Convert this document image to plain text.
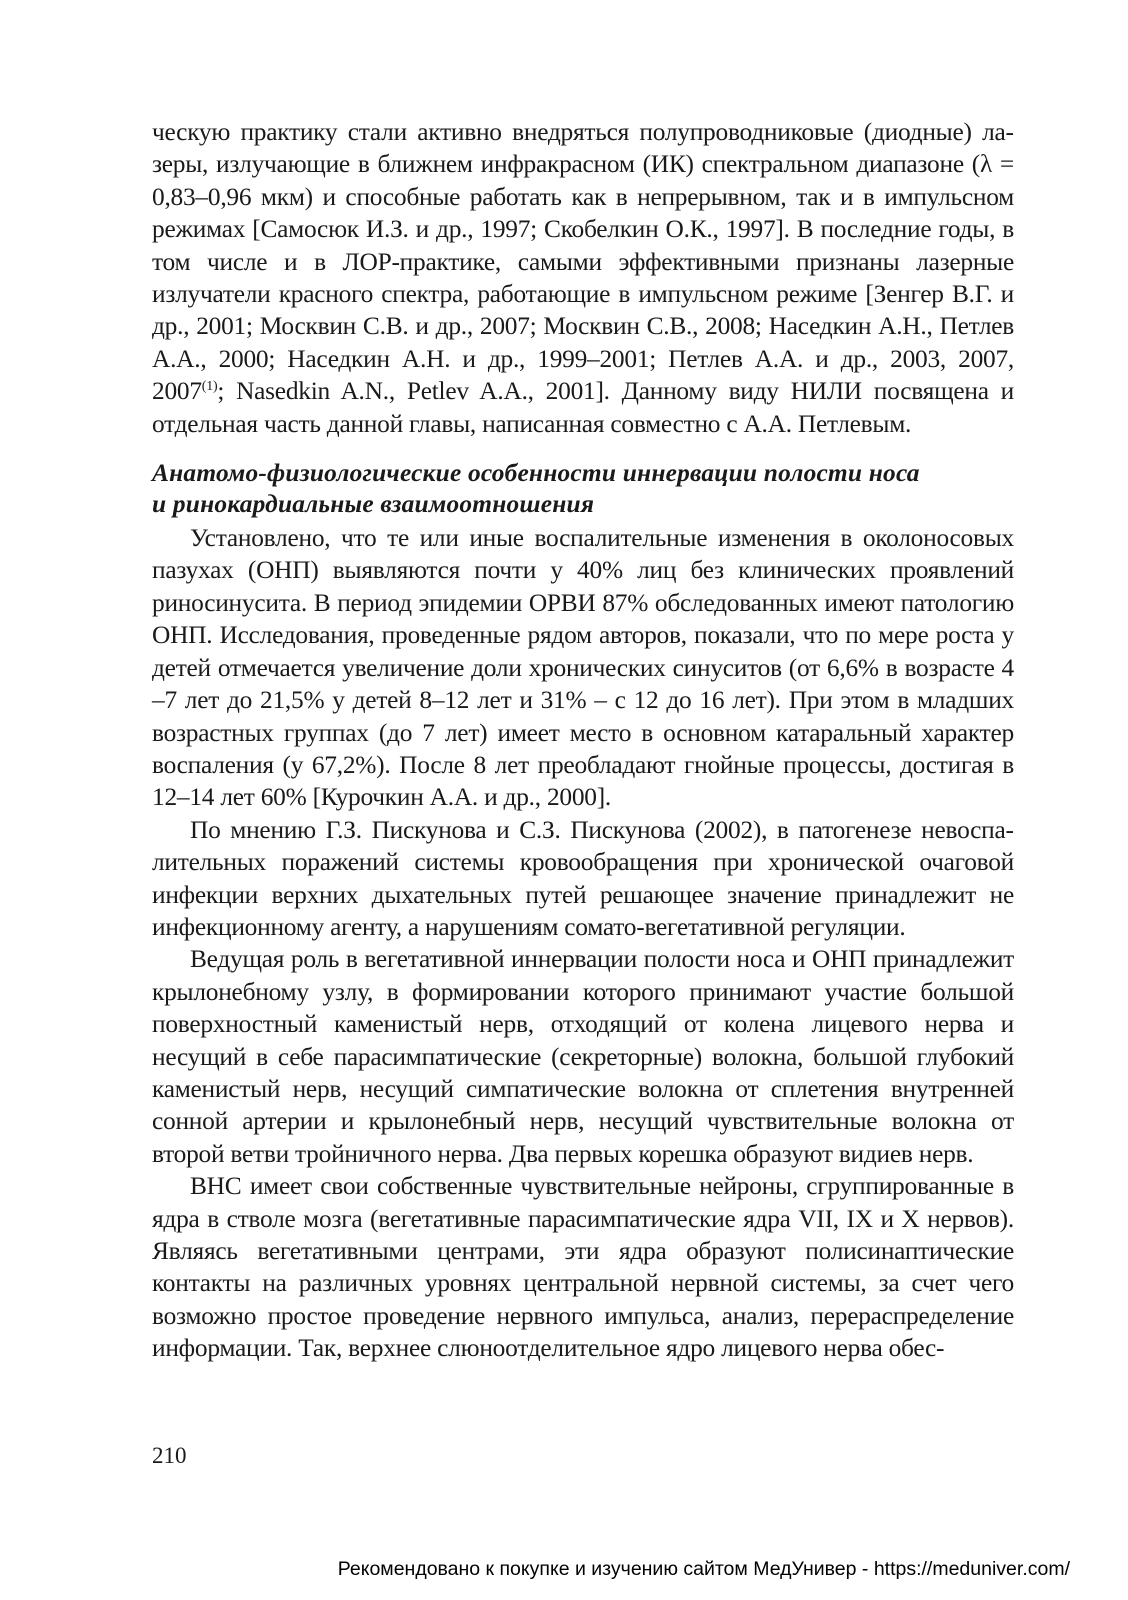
ческую практику стали активно внедряться полупроводниковые (диодные) лазеры, излучающие в ближнем инфракрасном (ИК) спектральном диапазоне (λ = 0,83–0,96 мкм) и способные работать как в непрерывном, так и в импульсном режимах [Самосюк И.З. и др., 1997; Скобелкин О.К., 1997]. В последние годы, в том числе и в ЛОР-практике, самыми эффективными признаны лазерные излучатели красного спектра, работающие в импульсном режиме [Зенгер В.Г. и др., 2001; Москвин С.В. и др., 2007; Москвин С.В., 2008; Наседкин А.Н., Петлев А.А., 2000; Наседкин А.Н. и др., 1999–2001; Петлев А.А. и др., 2003, 2007, 2007$^{(1)}$; Nasedkin A.N., Petlev A.A., 2001]. Данному виду НИЛИ посвящена и отдельная часть данной главы, написанная совместно с А.А. Петлевым.

Анатомо-физиологические особенности иннервации полости носа
и ринокардиальные взаимоотношения

Установлено, что те или иные воспалительные изменения в околоносовых пазухах (ОНП) выявляются почти у 40% лиц без клинических проявлений риносинусита. В период эпидемии ОРВИ 87% обследованных имеют патологию ОНП. Исследования, проведенные рядом авторов, показали, что по мере роста у детей отмечается увеличение доли хронических синуситов (от 6,6% в возрасте 4 –7 лет до 21,5% у детей 8–12 лет и 31% – с 12 до 16 лет). При этом в младших возрастных группах (до 7 лет) имеет место в основном катаральный характер воспаления (у 67,2%). После 8 лет преобладают гнойные процессы, достигая в 12–14 лет 60% [Курочкин А.А. и др., 2000].

По мнению Г.З. Пискунова и С.З. Пискунова (2002), в патогенезе невоспалительных поражений системы кровообращения при хронической очаговой инфекции верхних дыхательных путей решающее значение принадлежит не инфекционному агенту, а нарушениям сомато-вегетативной регуляции.

Ведущая роль в вегетативной иннервации полости носа и ОНП принадлежит крылонебному узлу, в формировании которого принимают участие большой поверхностный каменистый нерв, отходящий от колена лицевого нерва и несущий в себе парасимпатические (секреторные) волокна, большой глубокий каменистый нерв, несущий симпатические волокна от сплетения внутренней сонной артерии и крылонебный нерв, несущий чувствительные волокна от второй ветви тройничного нерва. Два первых корешка образуют видиев нерв.

ВНС имеет свои собственные чувствительные нейроны, сгруппированные в ядра в стволе мозга (вегетативные парасимпатические ядра VII, IX и X нервов). Являясь вегетативными центрами, эти ядра образуют полисинаптические контакты на различных уровнях центральной нервной системы, за счет чего возможно простое проведение нервного импульса, анализ, перераспределение информации. Так, верхнее слюноотделительное ядро лицевого нерва обес-

210
Рекомендовано к покупке и изучению сайтом МедУнивер - https://meduniver.com/
